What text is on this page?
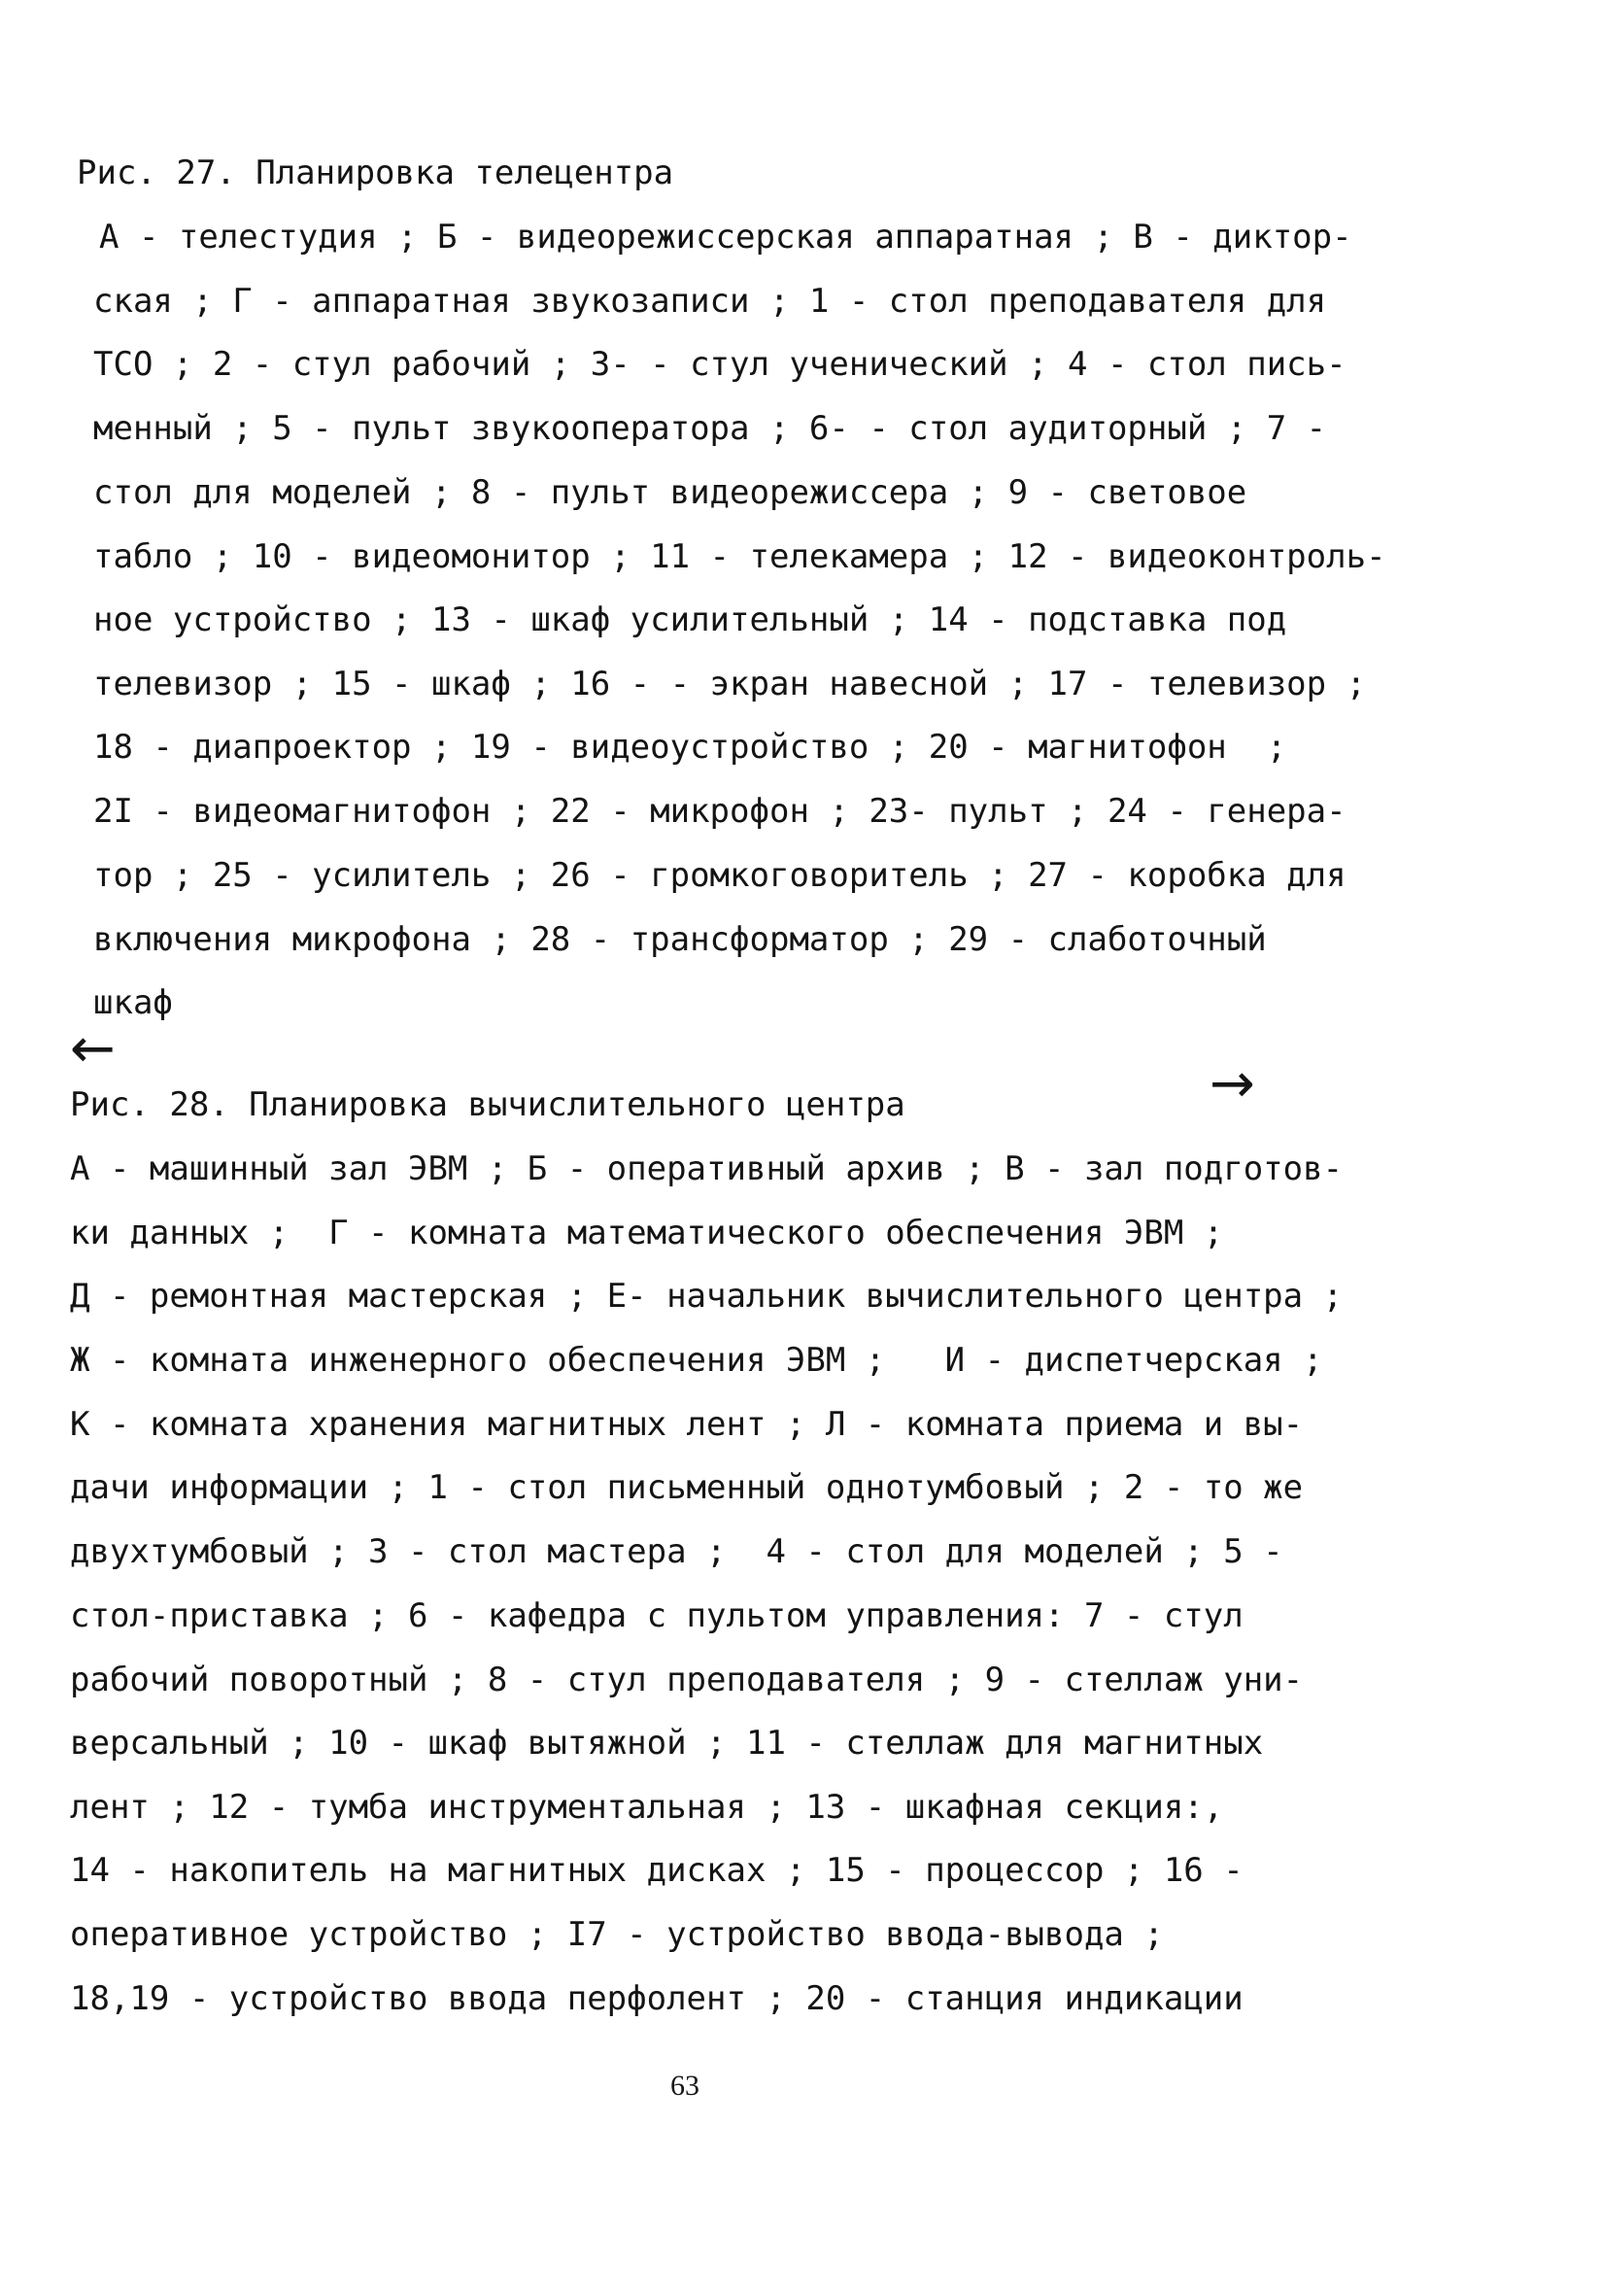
Рис. 27. Планировка телецентра
А - телестудия ; Б - видеорежиссерская аппаратная ; В - диктор-
ская ; Г - аппаратная звукозаписи ; 1 - стол преподавателя для
ТСО ; 2 - стул рабочий ; 3- - стул ученический ; 4 - стол пись-
менный ; 5 - пульт звукооператора ; 6- - стол аудиторный ; 7 -
стол для моделей ; 8 - пульт видеорежиссера ; 9 - световое
табло ; 10 - видеомонитор ; 11 - телекамера ; 12 - видеоконтроль-
ное устройство ; 13 - шкаф усилительный ; 14 - подставка под
телевизор ; 15 - шкаф ; 16 - - экран навесной ; 17 - телевизор ;
18 - диапроектор ; 19 - видеоустройство ; 20 - магнитофон  ;
2I - видеомагнитофон ; 22 - микрофон ; 23- пульт ; 24 - генера-
тор ; 25 - усилитель ; 26 - громкоговоритель ; 27 - коробка для
включения микрофона ; 28 - трансформатор ; 29 - слаботочный
шкаф
←
→
Рис. 28. Планировка вычислительного центра
А - машинный зал ЭВМ ; Б - оперативный архив ; В - зал подготов-
ки данных ;  Г - комната математического обеспечения ЭВМ ;
Д - ремонтная мастерская ; Е- начальник вычислительного центра ;
Ж - комната инженерного обеспечения ЭВМ ;   И - диспетчерская ;
К - комната хранения магнитных лент ; Л - комната приема и вы-
дачи информации ; 1 - стол письменный однотумбовый ; 2 - то же
двухтумбовый ; 3 - стол мастера ;  4 - стол для моделей ; 5 -
стол-приставка ; 6 - кафедра с пультом управления: 7 - стул
рабочий поворотный ; 8 - стул преподавателя ; 9 - стеллаж уни-
версальный ; 10 - шкаф вытяжной ; 11 - стеллаж для магнитных
лент ; 12 - тумба инструментальная ; 13 - шкафная секция:,
14 - накопитель на магнитных дисках ; 15 - процессор ; 16 -
оперативное устройство ; I7 - устройство ввода-вывода ;
18,19 - устройство ввода перфолент ; 20 - станция индикации
63
